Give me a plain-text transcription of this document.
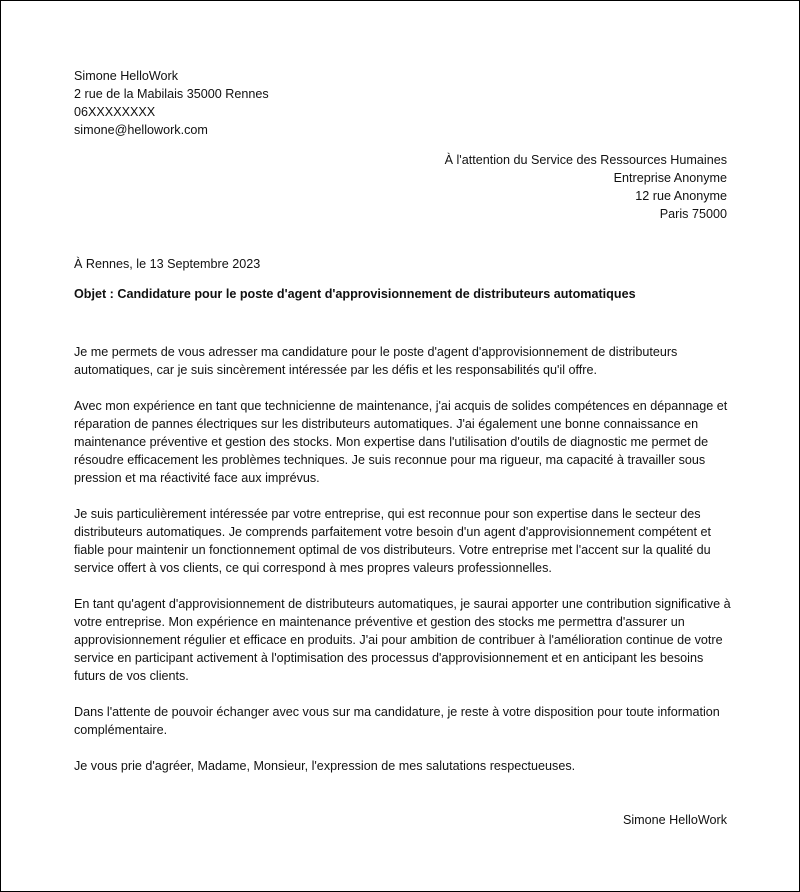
Simone HelloWork
2 rue de la Mabilais 35000 Rennes
06XXXXXXXX
simone@hellowork.com
À l'attention du Service des Ressources Humaines
Entreprise Anonyme
12 rue Anonyme
Paris 75000
À Rennes, le 13 Septembre 2023
Objet : Candidature pour le poste d'agent d'approvisionnement de distributeurs automatiques

Je me permets de vous adresser ma candidature pour le poste d'agent d'approvisionnement de distributeurs automatiques, car je suis sincèrement intéressée par les défis et les responsabilités qu'il offre.

Avec mon expérience en tant que technicienne de maintenance, j'ai acquis de solides compétences en dépannage et réparation de pannes électriques sur les distributeurs automatiques. J'ai également une bonne connaissance en maintenance préventive et gestion des stocks. Mon expertise dans l'utilisation d'outils de diagnostic me permet de résoudre efficacement les problèmes techniques. Je suis reconnue pour ma rigueur, ma capacité à travailler sous pression et ma réactivité face aux imprévus.

Je suis particulièrement intéressée par votre entreprise, qui est reconnue pour son expertise dans le secteur des distributeurs automatiques. Je comprends parfaitement votre besoin d'un agent d'approvisionnement compétent et fiable pour maintenir un fonctionnement optimal de vos distributeurs. Votre entreprise met l'accent sur la qualité du service offert à vos clients, ce qui correspond à mes propres valeurs professionnelles.

En tant qu'agent d'approvisionnement de distributeurs automatiques, je saurai apporter une contribution significative à votre entreprise. Mon expérience en maintenance préventive et gestion des stocks me permettra d'assurer un approvisionnement régulier et efficace en produits. J'ai pour ambition de contribuer à l'amélioration continue de votre service en participant activement à l'optimisation des processus d'approvisionnement et en anticipant les besoins futurs de vos clients.

Dans l'attente de pouvoir échanger avec vous sur ma candidature, je reste à votre disposition pour toute information complémentaire.

Je vous prie d'agréer, Madame, Monsieur, l'expression de mes salutations respectueuses.

Simone HelloWork
